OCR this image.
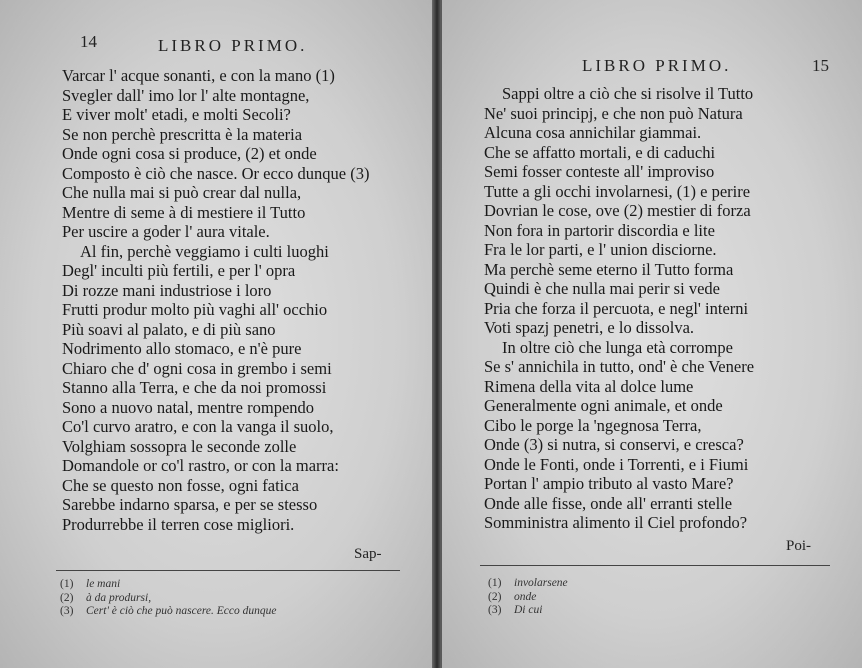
14	LIBRO PRIMO.
Varcar l' acque sonanti, e con la mano (1)
Svegler dall' imo lor l' alte montagne,
E viver molt' etadi, e molti Secoli?
Se non perchè prescritta è la materia
Onde ogni cosa si produce, (2) et onde
Composto è ciò che nasce. Or ecco dunque (3)
Che nulla mai si può crear dal nulla,
Mentre di seme à di mestiere il Tutto
Per uscire a goder l' aura vitale.
Al fin, perchè veggiamo i culti luoghi
Degl' inculti più fertili, e per l' opra
Di rozze mani industriose i loro
Frutti produr molto più vaghi all' occhio
Più soavi al palato, e di più sano
Nodrimento allo stomaco, e n'è pure
Chiaro che d' ogni cosa in grembo i semi
Stanno alla Terra, e che da noi promossi
Sono a nuovo natal, mentre rompendo
Co'l curvo aratro, e con la vanga il suolo,
Volghiam sossopra le seconde zolle
Domandole or co'l rastro, or con la marra:
Che se questo non fosse, ogni fatica
Sarebbe indarno sparsa, e per se stesso
Produrrebbe il terren cose migliori.
Sap-
(1) le mani
(2) à da prodursi,
(3) Cert' è ciò che può nascere. Ecco dunque
LIBRO PRIMO.	15
Sappi oltre a ciò che si risolve il Tutto
Ne' suoi principj, e che non può Natura
Alcuna cosa annichilar giammai.
Che se affatto mortali, e di caduchi
Semi fosser conteste all' improviso
Tutte a gli occhi involarnesi, (1) e perire
Dovrian le cose, ove (2) mestier di forza
Non fora in partorir discordia e lite
Fra le lor parti, e l' union disciorne.
Ma perchè seme eterno il Tutto forma
Quindi è che nulla mai perir si vede
Pria che forza il percuota, e negl' interni
Voti spazj penetri, e lo dissolva.
In oltre ciò che lunga età corrompe
Se s' annichila in tutto, ond' è che Venere
Rimena della vita al dolce lume
Generalmente ogni animale, et onde
Cibo le porge la 'ngegnosa Terra,
Onde (3) si nutra, si conservi, e cresca?
Onde le Fonti, onde i Torrenti, e i Fiumi
Portan l' ampio tributo al vasto Mare?
Onde alle fisse, onde all' erranti stelle
Somministra alimento il Ciel profondo?
Poi-
(1) involarsene
(2) onde
(3) Di cui
